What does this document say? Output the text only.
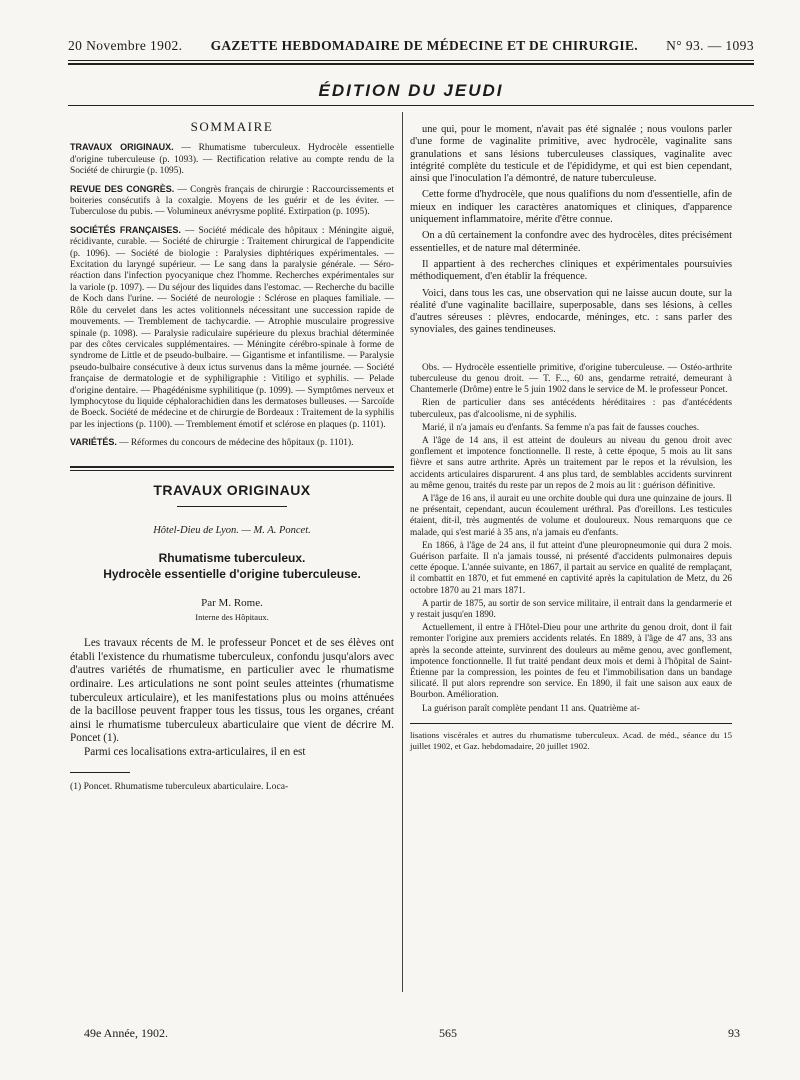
20 Novembre 1902. GAZETTE HEBDOMADAIRE DE MÉDECINE ET DE CHIRURGIE. N° 93. — 1093
ÉDITION DU JEUDI
SOMMAIRE
TRAVAUX ORIGINAUX. — Rhumatisme tuberculeux. Hydrocèle essentielle d'origine tuberculeuse (p. 1093). — Rectification relative au compte rendu de la Société de chirurgie (p. 1095).
REVUE DES CONGRÈS. — Congrès français de chirurgie : Raccourcissements et boiteries consécutifs à la coxalgie. Moyens de les guérir et de les éviter. — Tuberculose du pubis. — Volumineux anévrysme poplité. Extirpation (p. 1095).
SOCIÉTÉS FRANÇAISES. — Société médicale des hôpitaux : Méningite aiguë, récidivante, curable. — Société de chirurgie : Traitement chirurgical de l'appendicite (p. 1096). — Société de biologie : Paralysies diphtériques expérimentales. — Excitation du laryngé supérieur. — Le sang dans la paralysie générale. — Séro-réaction dans l'infection pyocyanique chez l'homme. Recherches expérimentales sur la variole (p. 1097). — Du séjour des liquides dans l'estomac. — Recherche du bacille de Koch dans l'urine. — Société de neurologie : Sclérose en plaques familiale. — Rôle du cervelet dans les actes volitionnels nécessitant une succession rapide de mouvements. — Tremblement de tachycardie. — Atrophie musculaire progressive spinale (p. 1098). — Paralysie radiculaire supérieure du plexus brachial déterminée par des côtes cervicales supplémentaires. — Méningite cérébro-spinale à forme de syndrome de Little et de pseudo-bulbaire. — Gigantisme et infantilisme. — Paralysie pseudo-bulbaire consécutive à deux ictus survenus dans la même journée. — Société française de dermatologie et de syphiligraphie : Vitiligo et syphilis. — Pelade d'origine dentaire. — Phagédénisme syphilitique (p. 1099). — Symptômes nerveux et lymphocytose du liquide céphalorachidien dans les dermatoses bulleuses. — Sarcoïde de Boeck. Société de médecine et de chirurgie de Bordeaux : Traitement de la syphilis par les injections (p. 1100). — Tremblement émotif et sclérose en plaques (p. 1101).
VARIÉTÉS. — Réformes du concours de médecine des hôpitaux (p. 1101).
TRAVAUX ORIGINAUX
Hôtel-Dieu de Lyon. — M. A. Poncet.
Rhumatisme tuberculeux.
Hydrocèle essentielle d'origine tuberculeuse.
Par M. Rome.
Interne des Hôpitaux.

Les travaux récents de M. le professeur Poncet et de ses élèves ont établi l'existence du rhumatisme tuberculeux, confondu jusqu'alors avec d'autres variétés de rhumatisme, en particulier avec le rhumatisme ordinaire. Les articulations ne sont point seules atteintes (rhumatisme tuberculeux articulaire), et les manifestations plus ou moins atténuées de la bacillose peuvent frapper tous les tissus, tous les organes, créant ainsi le rhumatisme tuberculeux abarticulaire que vient de décrire M. Poncet (1).

Parmi ces localisations extra-articulaires, il en est

(1) Poncet. Rhumatisme tuberculeux abarticulaire. Loca-

une qui, pour le moment, n'avait pas été signalée ; nous voulons parler d'une forme de vaginalite primitive, avec hydrocèle, vaginalite sans granulations et sans lésions tuberculeuses classiques, vaginalite avec intégrité complète du testicule et de l'épididyme, et qui est bien cependant, ainsi que l'inoculation l'a démontré, de nature tuberculeuse.

Cette forme d'hydrocèle, que nous qualifions du nom d'essentielle, afin de mieux en indiquer les caractères anatomiques et cliniques, d'apparence uniquement inflammatoire, mérite d'être connue.

On a dû certainement la confondre avec des hydrocèles, dites précisément essentielles, et de nature mal déterminée.

Il appartient à des recherches cliniques et expérimentales poursuivies méthodiquement, d'en établir la fréquence.

Voici, dans tous les cas, une observation qui ne laisse aucun doute, sur la réalité d'une vaginalite bacillaire, superposable, dans ses lésions, à celles d'autres séreuses : plèvres, endocarde, méninges, etc. : sans parler des synoviales, des gaines tendineuses.

Obs. — Hydrocèle essentielle primitive, d'origine tuberculeuse. — Ostéo-arthrite tuberculeuse du genou droit. — T. F..., 60 ans, gendarme retraité, demeurant à Chantemerle (Drôme) entre le 5 juin 1902 dans le service de M. le professeur Poncet.

Rien de particulier dans ses antécédents héréditaires : pas d'antécédents tuberculeux, pas d'alcoolisme, ni de syphilis.

Marié, il n'a jamais eu d'enfants. Sa femme n'a pas fait de fausses couches.

A l'âge de 14 ans, il est atteint de douleurs au niveau du genou droit avec gonflement et impotence fonctionnelle. Il reste, à cette époque, 5 mois au lit sans fièvre et sans autre arthrite. Après un traitement par le repos et la révulsion, les accidents articulaires disparurent. 4 ans plus tard, de semblables accidents survinrent au même genou, traités du reste par un repos de 2 mois au lit : guérison définitive.

A l'âge de 16 ans, il aurait eu une orchite double qui dura une quinzaine de jours. Il ne présentait, cependant, aucun écoulement uréthral. Pas d'oreillons. Les testicules étaient, dit-il, très augmentés de volume et douloureux. Nous remarquons que ce malade, qui s'est marié à 35 ans, n'a jamais eu d'enfants.

En 1866, à l'âge de 24 ans, il fut atteint d'une pleuropneumonie qui dura 2 mois. Guérison parfaite. Il n'a jamais toussé, ni présenté d'accidents pulmonaires depuis cette époque. L'année suivante, en 1867, il partait au service en qualité de remplaçant, il combattit en 1870, et fut emmené en captivité après la capitulation de Metz, du 26 octobre 1870 au 21 mars 1871.

A partir de 1875, au sortir de son service militaire, il entrait dans la gendarmerie et y restait jusqu'en 1890.

Actuellement, il entre à l'Hôtel-Dieu pour une arthrite du genou droit, dont il fait remonter l'origine aux premiers accidents relatés. En 1889, à l'âge de 47 ans, 33 ans après la seconde atteinte, survinrent des douleurs au même genou, avec gonflement, impotence fonctionnelle. Il fut traité pendant deux mois et demi à l'hôpital de Saint-Étienne par la compression, les pointes de feu et l'immobilisation dans un bandage silicaté. Il put alors reprendre son service. En 1890, il fait une saison aux eaux de Bourbon. Amélioration.

La guérison paraît complète pendant 11 ans. Quatrième at-

lisations viscérales et autres du rhumatisme tuberculeux. Acad. de méd., séance du 15 juillet 1902, et Gaz. hebdomadaire, 20 juillet 1902.
49e Année, 1902.	565	93
